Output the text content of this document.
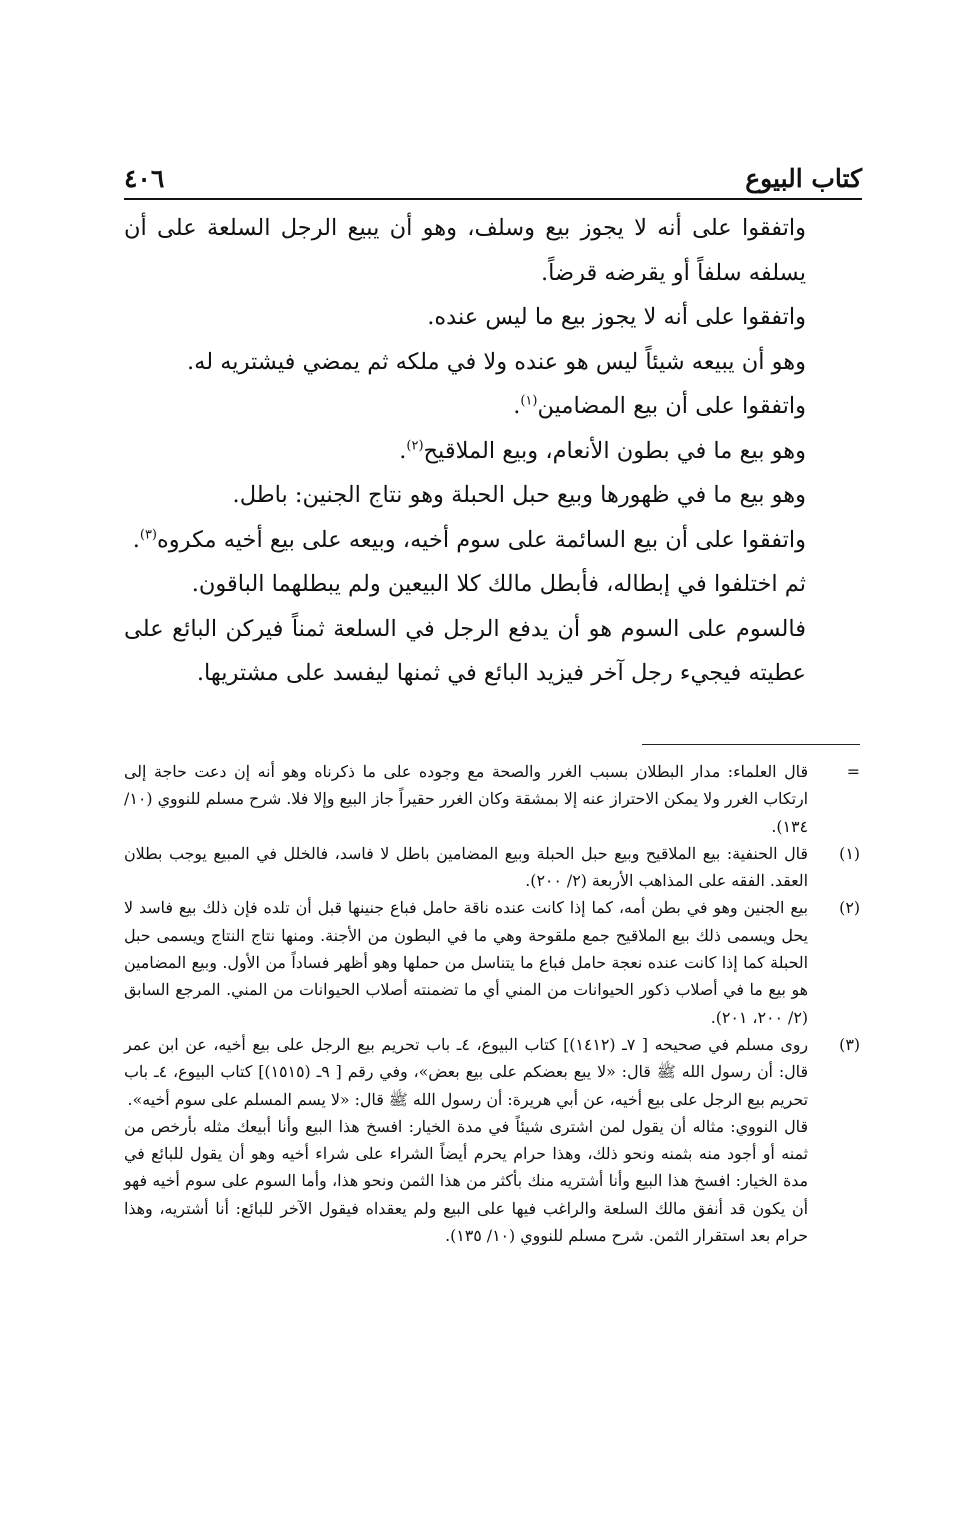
كتاب البيوع
٤٠٦

واتفقوا على أنه لا يجوز بيع وسلف، وهو أن يبيع الرجل السلعة على أن يسلفه سلفاً أو يقرضه قرضاً.

واتفقوا على أنه لا يجوز بيع ما ليس عنده.

وهو أن يبيعه شيئاً ليس هو عنده ولا في ملكه ثم يمضي فيشتريه له.

واتفقوا على أن بيع المضامين$^{(١)}$.

وهو بيع ما في بطون الأنعام، وبيع الملاقيح$^{(٢)}$.

وهو بيع ما في ظهورها وبيع حبل الحبلة وهو نتاج الجنين: باطل.

واتفقوا على أن بيع السائمة على سوم أخيه، وبيعه على بيع أخيه مكروه$^{(٣)}$.

ثم اختلفوا في إبطاله، فأبطل مالك كلا البيعين ولم يبطلهما الباقون.

فالسوم على السوم هو أن يدفع الرجل في السلعة ثمناً فيركن البائع على عطيته فيجيء رجل آخر فيزيد البائع في ثمنها ليفسد على مشتريها.

=

قال العلماء: مدار البطلان بسبب الغرر والصحة مع وجوده على ما ذكرناه وهو أنه إن دعت حاجة إلى ارتكاب الغرر ولا يمكن الاحتراز عنه إلا بمشقة وكان الغرر حقيراً جاز البيع وإلا فلا. شرح مسلم للنووي (١٠/ ١٣٤).

(١)

قال الحنفية: بيع الملاقيح وبيع حبل الحبلة وبيع المضامين باطل لا فاسد، فالخلل في المبيع يوجب بطلان العقد. الفقه على المذاهب الأربعة (٢/ ٢٠٠).

(٢)

بيع الجنين وهو في بطن أمه، كما إذا كانت عنده ناقة حامل فباع جنينها قبل أن تلده فإن ذلك بيع فاسد لا يحل ويسمى ذلك بيع الملاقيح جمع ملقوحة وهي ما في البطون من الأجنة. ومنها نتاج النتاج ويسمى حبل الحبلة كما إذا كانت عنده نعجة حامل فباع ما يتناسل من حملها وهو أظهر فساداً من الأول. وبيع المضامين هو بيع ما في أصلاب ذكور الحيوانات من المني أي ما تضمنته أصلاب الحيوانات من المني. المرجع السابق (٢/ ٢٠٠، ٢٠١).

(٣)

روى مسلم في صحيحه [ ٧ـ (١٤١٢)] كتاب البيوع، ٤ـ باب تحريم بيع الرجل على بيع أخيه، عن ابن عمر قال: أن رسول الله ﷺ قال: «لا يبع بعضكم على بيع بعض»، وفي رقم [ ٩ـ (١٥١٥)] كتاب البيوع، ٤ـ باب تحريم بيع الرجل على بيع أخيه، عن أبي هريرة: أن رسول الله ﷺ قال: «لا يسم المسلم على سوم أخيه».

قال النووي: مثاله أن يقول لمن اشترى شيئاً في مدة الخيار: افسخ هذا البيع وأنا أبيعك مثله بأرخص من ثمنه أو أجود منه بثمنه ونحو ذلك، وهذا حرام يحرم أيضاً الشراء على شراء أخيه وهو أن يقول للبائع في مدة الخيار: افسخ هذا البيع وأنا أشتريه منك بأكثر من هذا الثمن ونحو هذا، وأما السوم على سوم أخيه فهو أن يكون قد أنفق مالك السلعة والراغب فيها على البيع ولم يعقداه فيقول الآخر للبائع: أنا أشتريه، وهذا حرام بعد استقرار الثمن. شرح مسلم للنووي (١٠/ ١٣٥).
